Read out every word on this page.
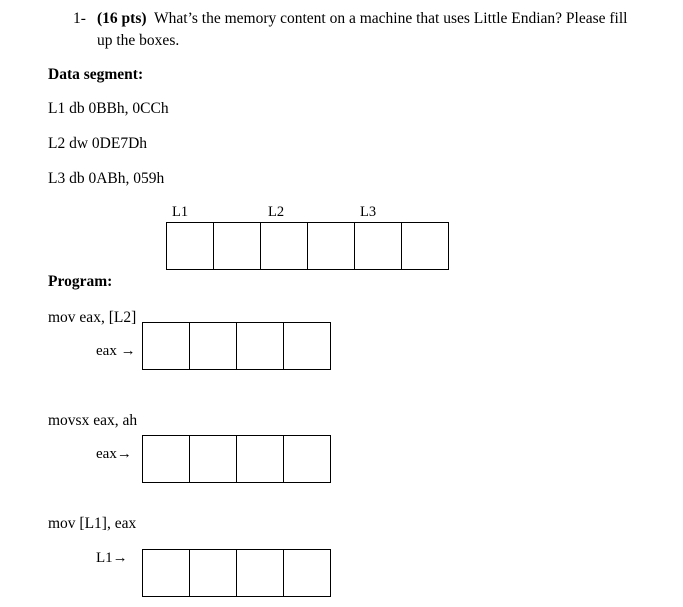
1- (16 pts) What’s the memory content on a machine that uses Little Endian? Please fill
up the boxes.
Data segment:
L1 db 0BBh, 0CCh
L2 dw 0DE7Dh
L3 db 0ABh, 059h
L1	L2	L3
Program:
mov eax, [L2]
eax →
movsx eax, ah
eax→
mov [L1], eax
L1→
